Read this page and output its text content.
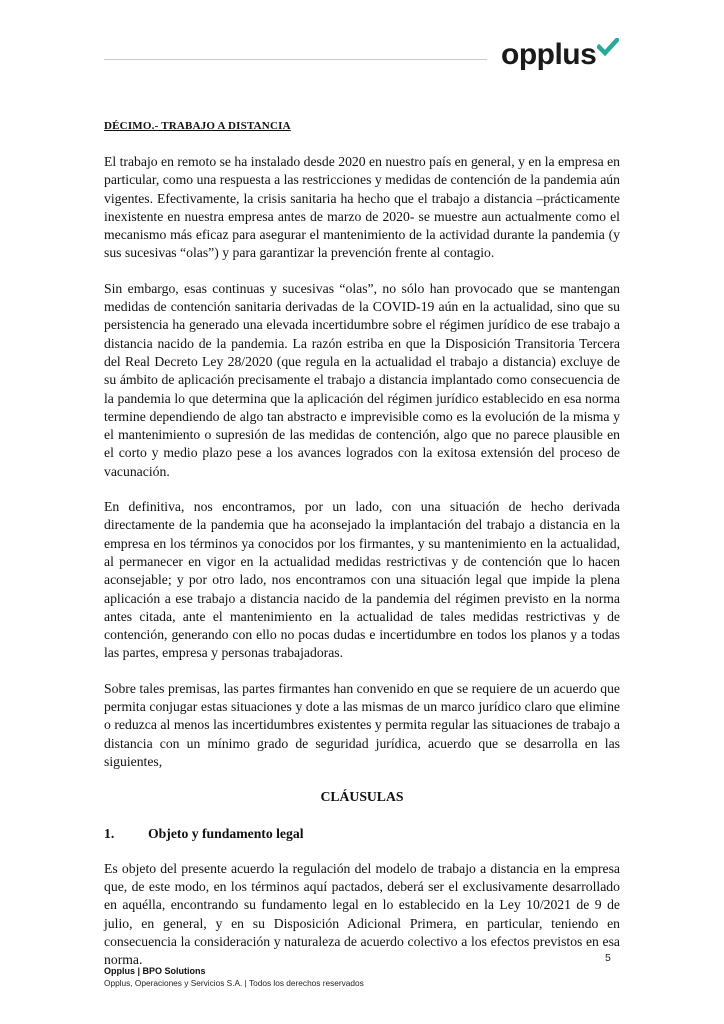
opplus
DÉCIMO.- TRABAJO A DISTANCIA

El trabajo en remoto se ha instalado desde 2020 en nuestro país en general, y en la empresa en particular, como una respuesta a las restricciones y medidas de contención de la pandemia aún vigentes. Efectivamente, la crisis sanitaria ha hecho que el trabajo a distancia –prácticamente inexistente en nuestra empresa antes de marzo de 2020- se muestre aun actualmente como el mecanismo más eficaz para asegurar el mantenimiento de la actividad durante la pandemia (y sus sucesivas “olas”) y para garantizar la prevención frente al contagio.

Sin embargo, esas continuas y sucesivas “olas”, no sólo han provocado que se mantengan medidas de contención sanitaria derivadas de la COVID-19 aún en la actualidad, sino que su persistencia ha generado una elevada incertidumbre sobre el régimen jurídico de ese trabajo a distancia nacido de la pandemia. La razón estriba en que la Disposición Transitoria Tercera del Real Decreto Ley 28/2020 (que regula en la actualidad el trabajo a distancia) excluye de su ámbito de aplicación precisamente el trabajo a distancia implantado como consecuencia de la pandemia lo que determina que la aplicación del régimen jurídico establecido en esa norma termine dependiendo de algo tan abstracto e imprevisible como es la evolución de la misma y el mantenimiento o supresión de las medidas de contención, algo que no parece plausible en el corto y medio plazo pese a los avances logrados con la exitosa extensión del proceso de vacunación.

En definitiva, nos encontramos, por un lado, con una situación de hecho derivada directamente de la pandemia que ha aconsejado la implantación del trabajo a distancia en la empresa en los términos ya conocidos por los firmantes, y su mantenimiento en la actualidad, al permanecer en vigor en la actualidad medidas restrictivas y de contención que lo hacen aconsejable; y por otro lado, nos encontramos con una situación legal que impide la plena aplicación a ese trabajo a distancia nacido de la pandemia del régimen previsto en la norma antes citada, ante el mantenimiento en la actualidad de tales medidas restrictivas y de contención, generando con ello no pocas dudas e incertidumbre en todos los planos y a todas las partes, empresa y personas trabajadoras.

Sobre tales premisas, las partes firmantes han convenido en que se requiere de un acuerdo que permita conjugar estas situaciones y dote a las mismas de un marco jurídico claro que elimine o reduzca al menos las incertidumbres existentes y permita regular las situaciones de trabajo a distancia con un mínimo grado de seguridad jurídica, acuerdo que se desarrolla en las siguientes,

CLÁUSULAS
1.	Objeto y fundamento legal

Es objeto del presente acuerdo la regulación del modelo de trabajo a distancia en la empresa que, de este modo, en los términos aquí pactados, deberá ser el exclusivamente desarrollado en aquélla, encontrando su fundamento legal en lo establecido en la Ley 10/2021 de 9 de julio, en general, y en su Disposición Adicional Primera, en particular, teniendo en consecuencia la consideración y naturaleza de acuerdo colectivo a los efectos previstos en esa norma.	5
Opplus | BPO Solutions
Opplus, Operaciones y Servicios S.A. | Todos los derechos reservados
